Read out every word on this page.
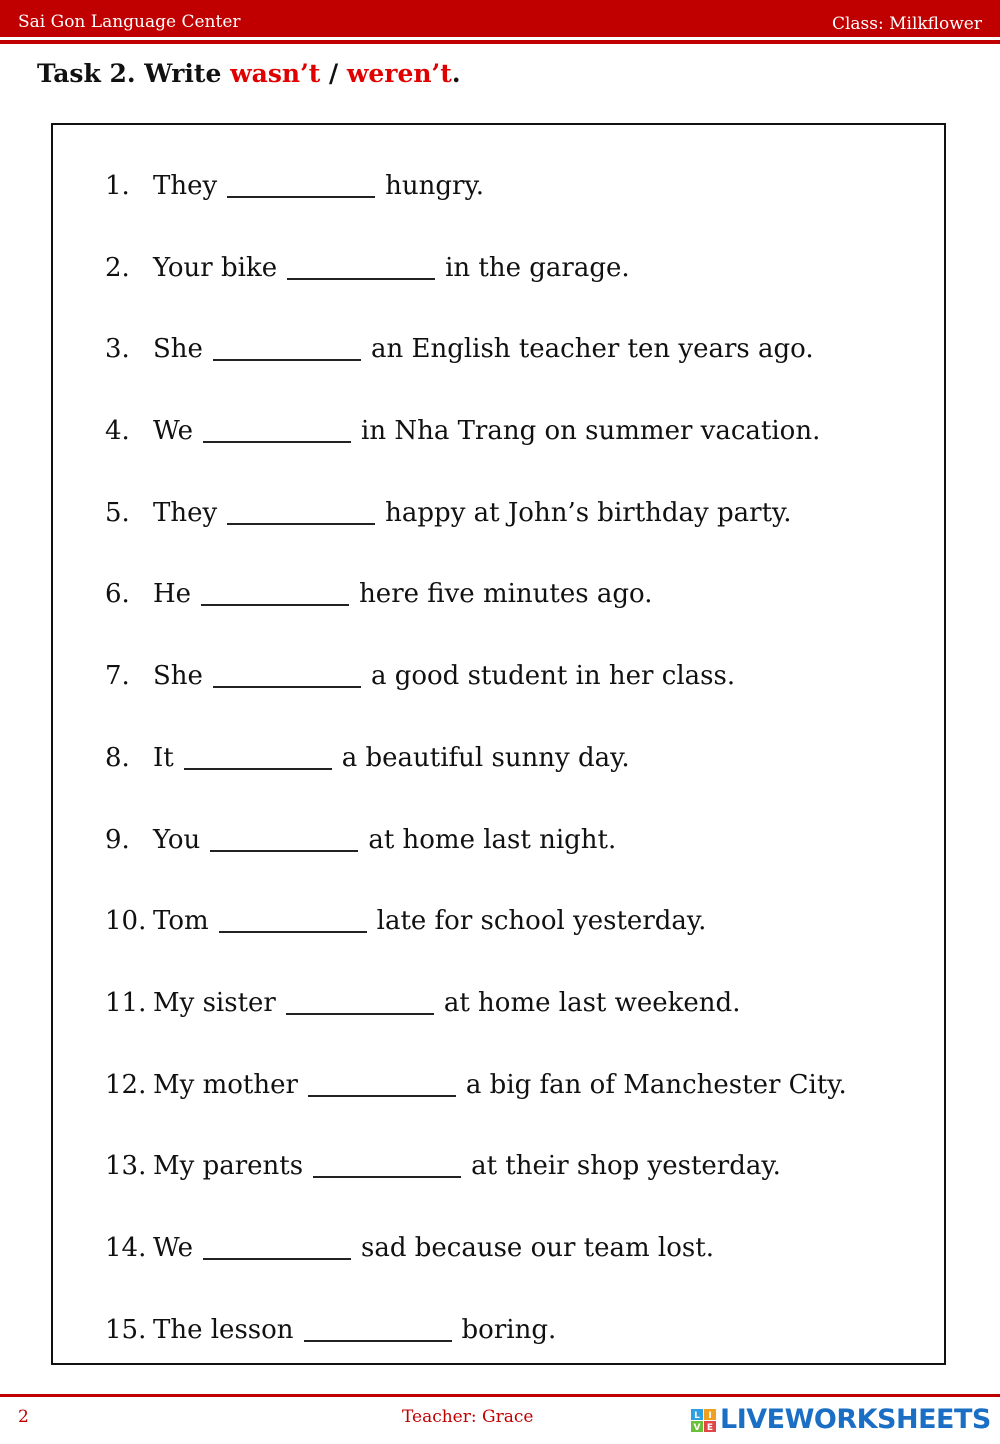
Sai Gon Language Center	Class: Milkflower
Task 2. Write wasn’t / weren’t.
1. They	hungry.
2. Your bike	in the garage.
3. She	an English teacher ten years ago.
4. We	in Nha Trang on summer vacation.
5. They	happy at John’s birthday party.
6. He	here five minutes ago.
7. She	a good student in her class.
8. It	a beautiful sunny day.
9. You	at home last night.
10. Tom	late for school yesterday.
11. My sister	at home last weekend.
12. My mother	a big fan of Manchester City.
13. My parents	at their shop yesterday.
14. We	sad because our team lost.
15. The lesson	boring.
2	Teacher: Grace	L I
V E LIVEWORKSHEETS
